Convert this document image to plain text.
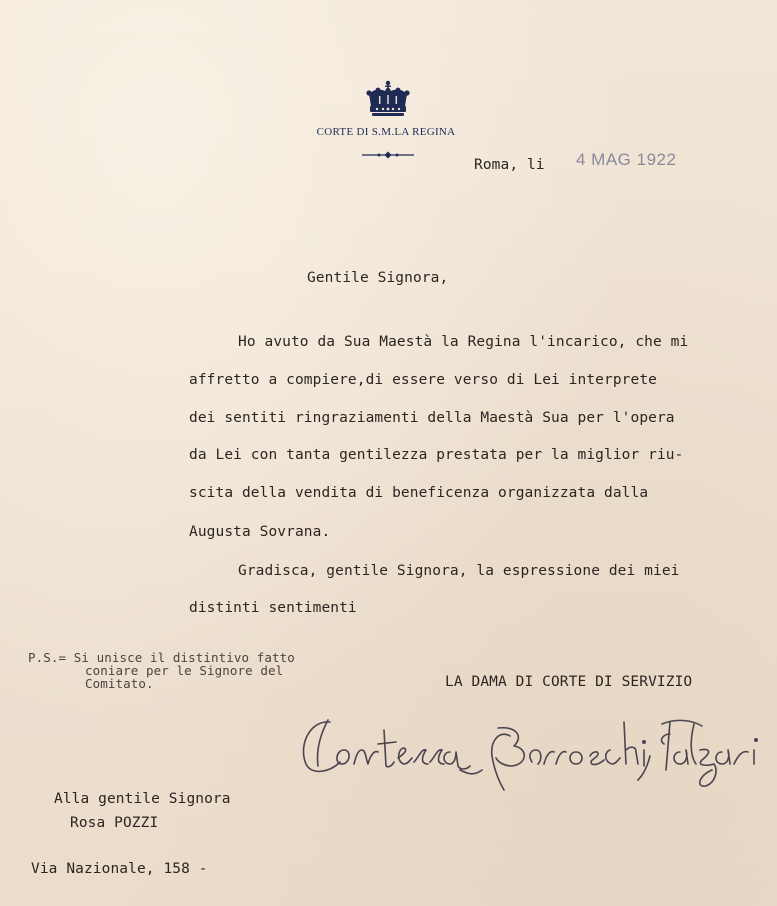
CORTE DI S.M.LA REGINA
Roma, li 4 MAG 1922
Gentile Signora,
Ho avuto da Sua Maestà la Regina l'incarico, che mi
affretto a compiere,di essere verso di Lei interprete
dei sentiti ringraziamenti della Maestà Sua per l'opera
da Lei con tanta gentilezza prestata per la miglior riu-
scita della vendita di beneficenza organizzata dalla
Augusta Sovrana.
Gradisca, gentile Signora, la espressione dei miei
distinti sentimenti
P.S.= Si unisce il distintivo fatto
coniare per le Signore del
Comitato.	LA DAMA DI CORTE DI SERVIZIO
Alla gentile Signora
Rosa POZZI
Via Nazionale, 158 -
